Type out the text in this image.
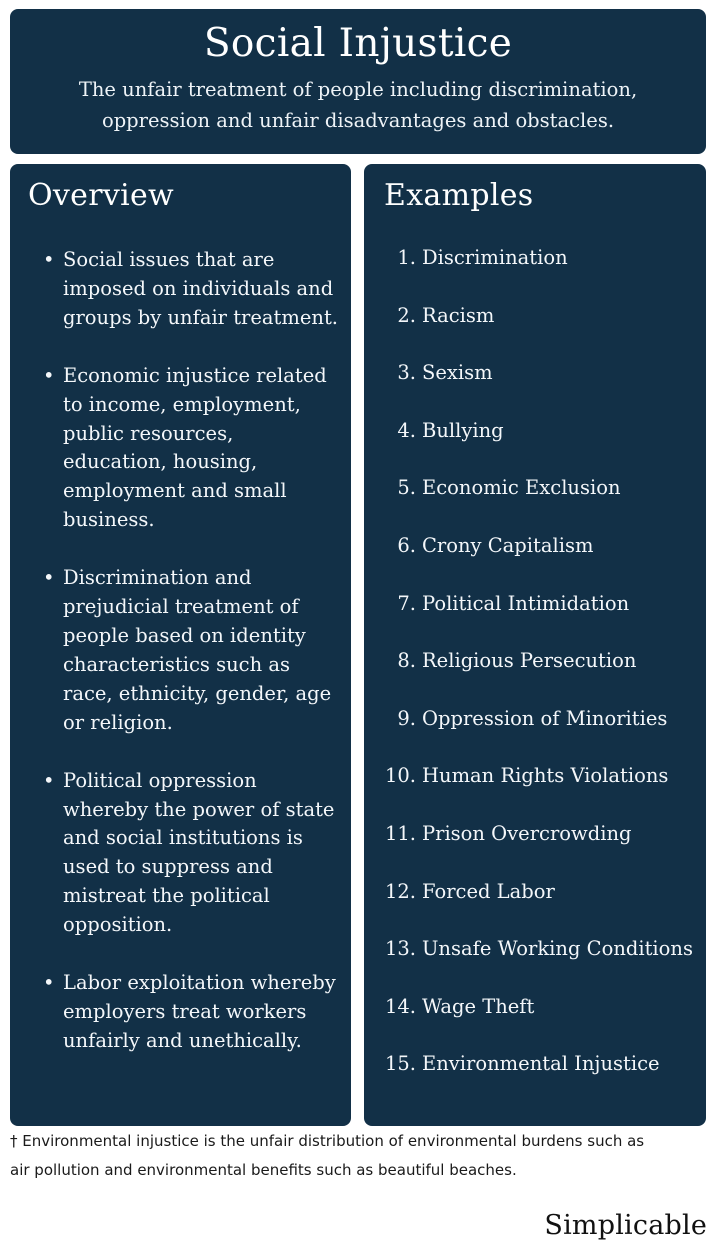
Social Injustice

The unfair treatment of people including discrimination, oppression and unfair disadvantages and obstacles.

Overview
• Social issues that are imposed on individuals and groups by unfair treatment.
• Economic injustice related to income, employment, public resources, education, housing, employment and small business.
• Discrimination and prejudicial treatment of people based on identity characteristics such as race, ethnicity, gender, age or religion.
• Political oppression whereby the power of state and social institutions is used to suppress and mistreat the political opposition.
• Labor exploitation whereby employers treat workers unfairly and unethically.
Examples
1. Discrimination
2. Racism
3. Sexism
4. Bullying
5. Economic Exclusion
6. Crony Capitalism
7. Political Intimidation
8. Religious Persecution
9. Oppression of Minorities
10. Human Rights Violations
11. Prison Overcrowding
12. Forced Labor
13. Unsafe Working Conditions
14. Wage Theft
15. Environmental Injustice
† Environmental injustice is the unfair distribution of environmental burdens such as air pollution and environmental benefits such as beautiful beaches.
Simplicable
